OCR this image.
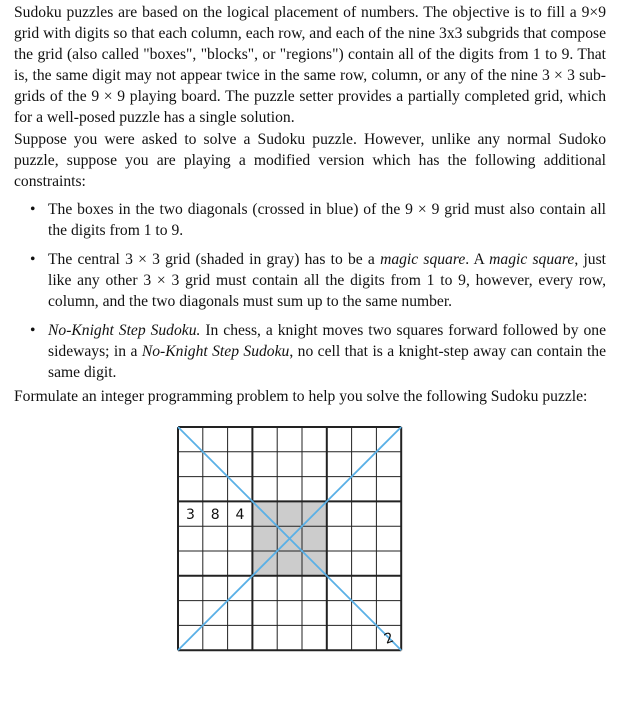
Sudoku puzzles are based on the logical placement of numbers. The objective is to fill a 9×9 grid with digits so that each column, each row, and each of the nine 3x3 subgrids that compose the grid (also called "boxes", "blocks", or "regions") contain all of the digits from 1 to 9. That is, the same digit may not appear twice in the same row, column, or any of the nine 3 × 3 sub-grids of the 9 × 9 playing board. The puzzle setter provides a partially completed grid, which for a well-posed puzzle has a single solution.

Suppose you were asked to solve a Sudoku puzzle. However, unlike any normal Sudoko puzzle, suppose you are playing a modified version which has the following additional constraints:

• The boxes in the two diagonals (crossed in blue) of the 9 × 9 grid must also contain all the digits from 1 to 9.
• The central 3 × 3 grid (shaded in gray) has to be a magic square. A magic square, just like any other 3 × 3 grid must contain all the digits from 1 to 9, however, every row, column, and the two diagonals must sum up to the same number.
• No-Knight Step Sudoku. In chess, a knight moves two squares forward followed by one sideways; in a No-Knight Step Sudoku, no cell that is a knight-step away can contain the same digit.

Formulate an integer programming problem to help you solve the following Sudoku puzzle:

3 8 4
2
